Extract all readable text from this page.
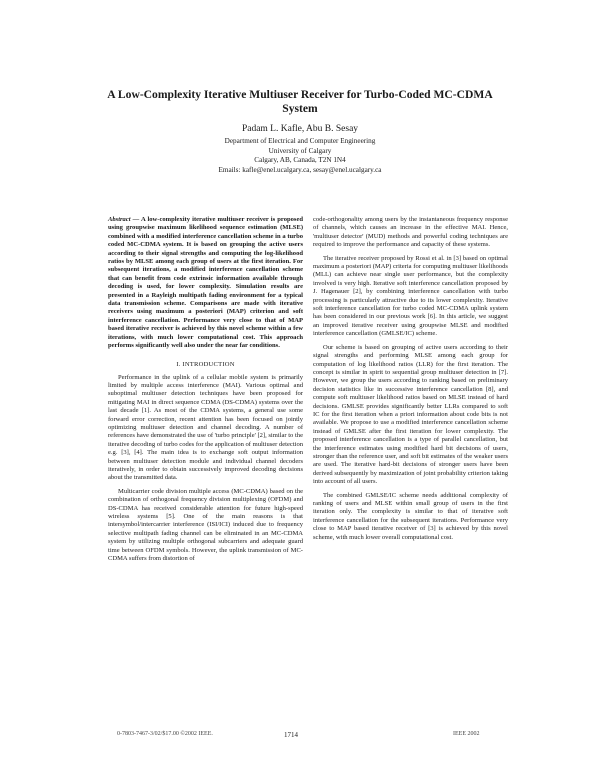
A Low-Complexity Iterative Multiuser Receiver for Turbo-Coded MC-CDMA System
Padam L. Kafle, Abu B. Sesay
Department of Electrical and Computer Engineering
University of Calgary
Calgary, AB, Canada, T2N 1N4
Emails: kafle@enel.ucalgary.ca, sesay@enel.ucalgary.ca

Abstract — A low-complexity iterative multiuser receiver is proposed using groupwise maximum likelihood sequence estimation (MLSE) combined with a modified interference cancellation scheme in a turbo coded MC-CDMA system. It is based on grouping the active users according to their signal strengths and computing the log-likelihood ratios by MLSE among each group of users at the first iteration. For subsequent iterations, a modified interference cancellation scheme that can benefit from code extrinsic information available through decoding is used, for lower complexity. Simulation results are presented in a Rayleigh multipath fading environment for a typical data transmission scheme. Comparisons are made with iterative receivers using maximum a posteriori (MAP) criterion and soft interference cancellation. Performance very close to that of MAP based iterative receiver is achieved by this novel scheme within a few iterations, with much lower computational cost. This approach performs significantly well also under the near far conditions.

I. INTRODUCTION

Performance in the uplink of a cellular mobile system is primarily limited by multiple access interference (MAI). Various optimal and suboptimal multiuser detection techniques have been proposed for mitigating MAI in direct sequence CDMA (DS-CDMA) systems over the last decade [1]. As most of the CDMA systems, a general use some forward error correction, recent attention has been focused on jointly optimizing multiuser detection and channel decoding. A number of references have demonstrated the use of 'turbo principle' [2], similar to the iterative decoding of turbo codes for the application of multiuser detection e.g. [3], [4]. The main idea is to exchange soft output information between multiuser detection module and individual channel decoders iteratively, in order to obtain successively improved decoding decisions about the transmitted data.

Multicarrier code division multiple access (MC-CDMA) based on the combination of orthogonal frequency division multiplexing (OFDM) and DS-CDMA has received considerable attention for future high-speed wireless systems [5]. One of the main reasons is that intersymbol/intercarrier interference (ISI/ICI) induced due to frequency selective multipath fading channel can be eliminated in an MC-CDMA system by utilizing multiple orthogonal subcarriers and adequate guard time between OFDM symbols. However, the uplink transmission of MC-CDMA suffers from distortion of

code-orthogonality among users by the instantaneous frequency response of channels, which causes an increase in the effective MAI. Hence, 'multiuser detector' (MUD) methods and powerful coding techniques are required to improve the performance and capacity of these systems.

The iterative receiver proposed by Rossi et al. in [3] based on optimal maximum a posteriori (MAP) criteria for computing multiuser likelihoods (MLL) can achieve near single user performance, but the complexity involved is very high. Iterative soft interference cancellation proposed by J. Hagenauer [2], by combining interference cancellation with turbo processing is particularly attractive due to its lower complexity. Iterative soft interference cancellation for turbo coded MC-CDMA uplink system has been considered in our previous work [6]. In this article, we suggest an improved iterative receiver using groupwise MLSE and modified interference cancellation (GMLSE/IC) scheme.

Our scheme is based on grouping of active users according to their signal strengths and performing MLSE among each group for computation of log likelihood ratios (LLR) for the first iteration. The concept is similar in spirit to sequential group multiuser detection in [7]. However, we group the users according to ranking based on preliminary decision statistics like in successive interference cancellation [8], and compute soft multiuser likelihood ratios based on MLSE instead of hard decisions. GMLSE provides significantly better LLRs compared to soft IC for the first iteration when a priori information about code bits is not available. We propose to use a modified interference cancellation scheme instead of GMLSE after the first iteration for lower complexity. The proposed interference cancellation is a type of parallel cancellation, but the interference estimates using modified hard bit decisions of users, stronger than the reference user, and soft bit estimates of the weaker users are used. The iterative hard-bit decisions of stronger users have been derived subsequently by maximization of joint probability criterion taking into account of all users.

The combined GMLSE/IC scheme needs additional complexity of ranking of users and MLSE within small group of users in the first iteration only. The complexity is similar to that of iterative soft interference cancellation for the subsequent iterations. Performance very close to MAP based iterative receiver of [3] is achieved by this novel scheme, with much lower overall computational cost.

0-7803-7467-3/02/$17.00 ©2002 IEEE.	1714	IEEE 2002
